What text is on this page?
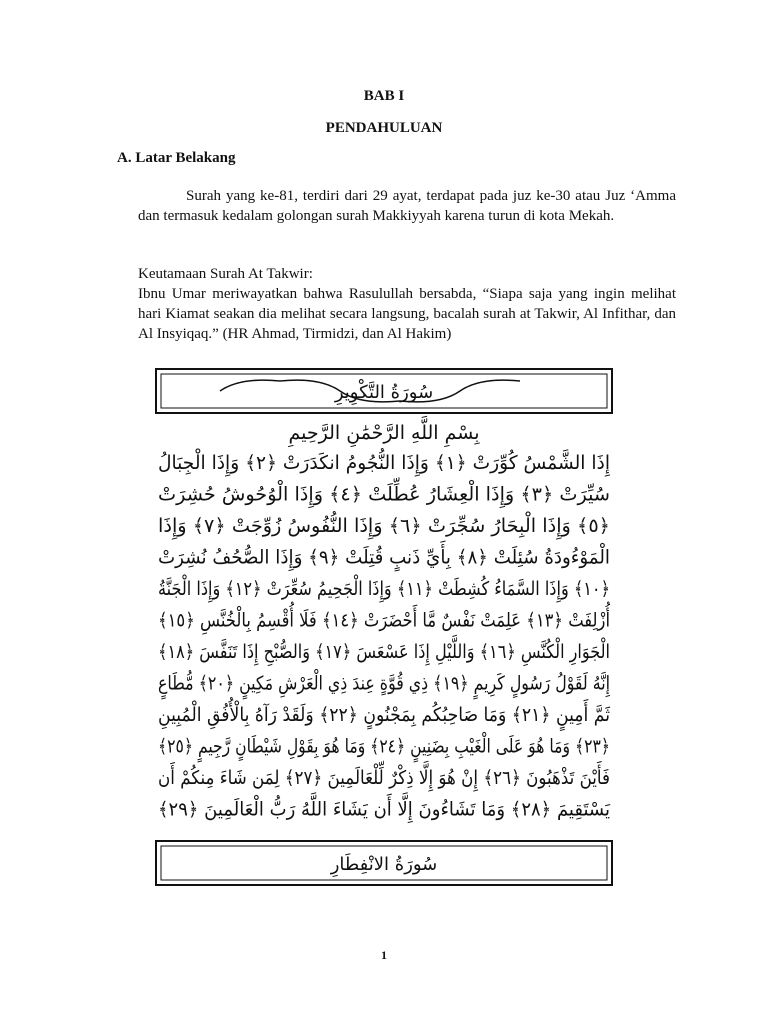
BAB I
PENDAHULUAN
A. Latar Belakang
Surah yang ke-81, terdiri dari 29 ayat, terdapat pada juz ke-30 atau Juz ‘Amma dan termasuk kedalam golongan surah Makkiyyah karena turun di kota Mekah.
Keutamaan Surah At Takwir:
Ibnu Umar meriwayatkan bahwa Rasulullah bersabda, “Siapa saja yang ingin melihat hari Kiamat seakan dia melihat secara langsung, bacalah surah at Takwir, Al Infithar, dan Al Insyiqaq.” (HR Ahmad, Tirmidzi, dan Al Hakim)
سُورَةُ التَّكْوِيرِ
بِسْمِ اللَّهِ الرَّحْمَٰنِ الرَّحِيمِ
إِذَا الشَّمْسُ كُوِّرَتْ ﴿١﴾ وَإِذَا النُّجُومُ انكَدَرَتْ ﴿٢﴾ وَإِذَا الْجِبَالُ
سُيِّرَتْ ﴿٣﴾ وَإِذَا الْعِشَارُ عُطِّلَتْ ﴿٤﴾ وَإِذَا الْوُحُوشُ حُشِرَتْ
﴿٥﴾ وَإِذَا الْبِحَارُ سُجِّرَتْ ﴿٦﴾ وَإِذَا النُّفُوسُ زُوِّجَتْ ﴿٧﴾ وَإِذَا
الْمَوْءُودَةُ سُئِلَتْ ﴿٨﴾ بِأَيِّ ذَنبٍ قُتِلَتْ ﴿٩﴾ وَإِذَا الصُّحُفُ نُشِرَتْ
﴿١٠﴾ وَإِذَا السَّمَاءُ كُشِطَتْ ﴿١١﴾ وَإِذَا الْجَحِيمُ سُعِّرَتْ ﴿١٢﴾ وَإِذَا الْجَنَّةُ
أُزْلِفَتْ ﴿١٣﴾ عَلِمَتْ نَفْسٌ مَّا أَحْضَرَتْ ﴿١٤﴾ فَلَا أُقْسِمُ بِالْخُنَّسِ ﴿١٥﴾
الْجَوَارِ الْكُنَّسِ ﴿١٦﴾ وَاللَّيْلِ إِذَا عَسْعَسَ ﴿١٧﴾ وَالصُّبْحِ إِذَا تَنَفَّسَ ﴿١٨﴾
إِنَّهُ لَقَوْلُ رَسُولٍ كَرِيمٍ ﴿١٩﴾ ذِي قُوَّةٍ عِندَ ذِي الْعَرْشِ مَكِينٍ ﴿٢٠﴾ مُّطَاعٍ
ثَمَّ أَمِينٍ ﴿٢١﴾ وَمَا صَاحِبُكُم بِمَجْنُونٍ ﴿٢٢﴾ وَلَقَدْ رَآهُ بِالْأُفُقِ الْمُبِينِ
﴿٢٣﴾ وَمَا هُوَ عَلَى الْغَيْبِ بِضَنِينٍ ﴿٢٤﴾ وَمَا هُوَ بِقَوْلِ شَيْطَانٍ رَّجِيمٍ ﴿٢٥﴾
فَأَيْنَ تَذْهَبُونَ ﴿٢٦﴾ إِنْ هُوَ إِلَّا ذِكْرٌ لِّلْعَالَمِينَ ﴿٢٧﴾ لِمَن شَاءَ مِنكُمْ أَن
يَسْتَقِيمَ ﴿٢٨﴾ وَمَا تَشَاءُونَ إِلَّا أَن يَشَاءَ اللَّهُ رَبُّ الْعَالَمِينَ ﴿٢٩﴾
سُورَةُ الانْفِطَارِ
1
